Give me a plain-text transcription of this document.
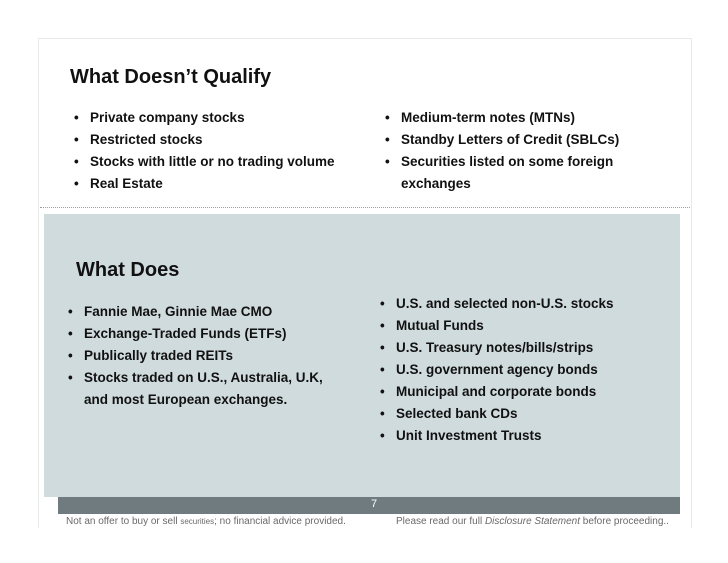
What Doesn’t Qualify
• Private company stocks
• Restricted stocks
• Stocks with little or no trading volume
• Real Estate
• Medium-term notes (MTNs)
• Standby Letters of Credit (SBLCs)
• Securities listed on some foreign
exchanges
What Does
• Fannie Mae, Ginnie Mae CMO
• Exchange-Traded Funds (ETFs)
• Publically traded REITs
• Stocks traded on U.S., Australia, U.K,
and most European exchanges.
• U.S. and selected non-U.S. stocks
• Mutual Funds
• U.S. Treasury notes/bills/strips
• U.S. government agency bonds
• Municipal and corporate bonds
• Selected bank CDs
• Unit Investment Trusts
7
Not an offer to buy or sell securities; no financial advice provided.	Please read our full Disclosure Statement before proceeding..
